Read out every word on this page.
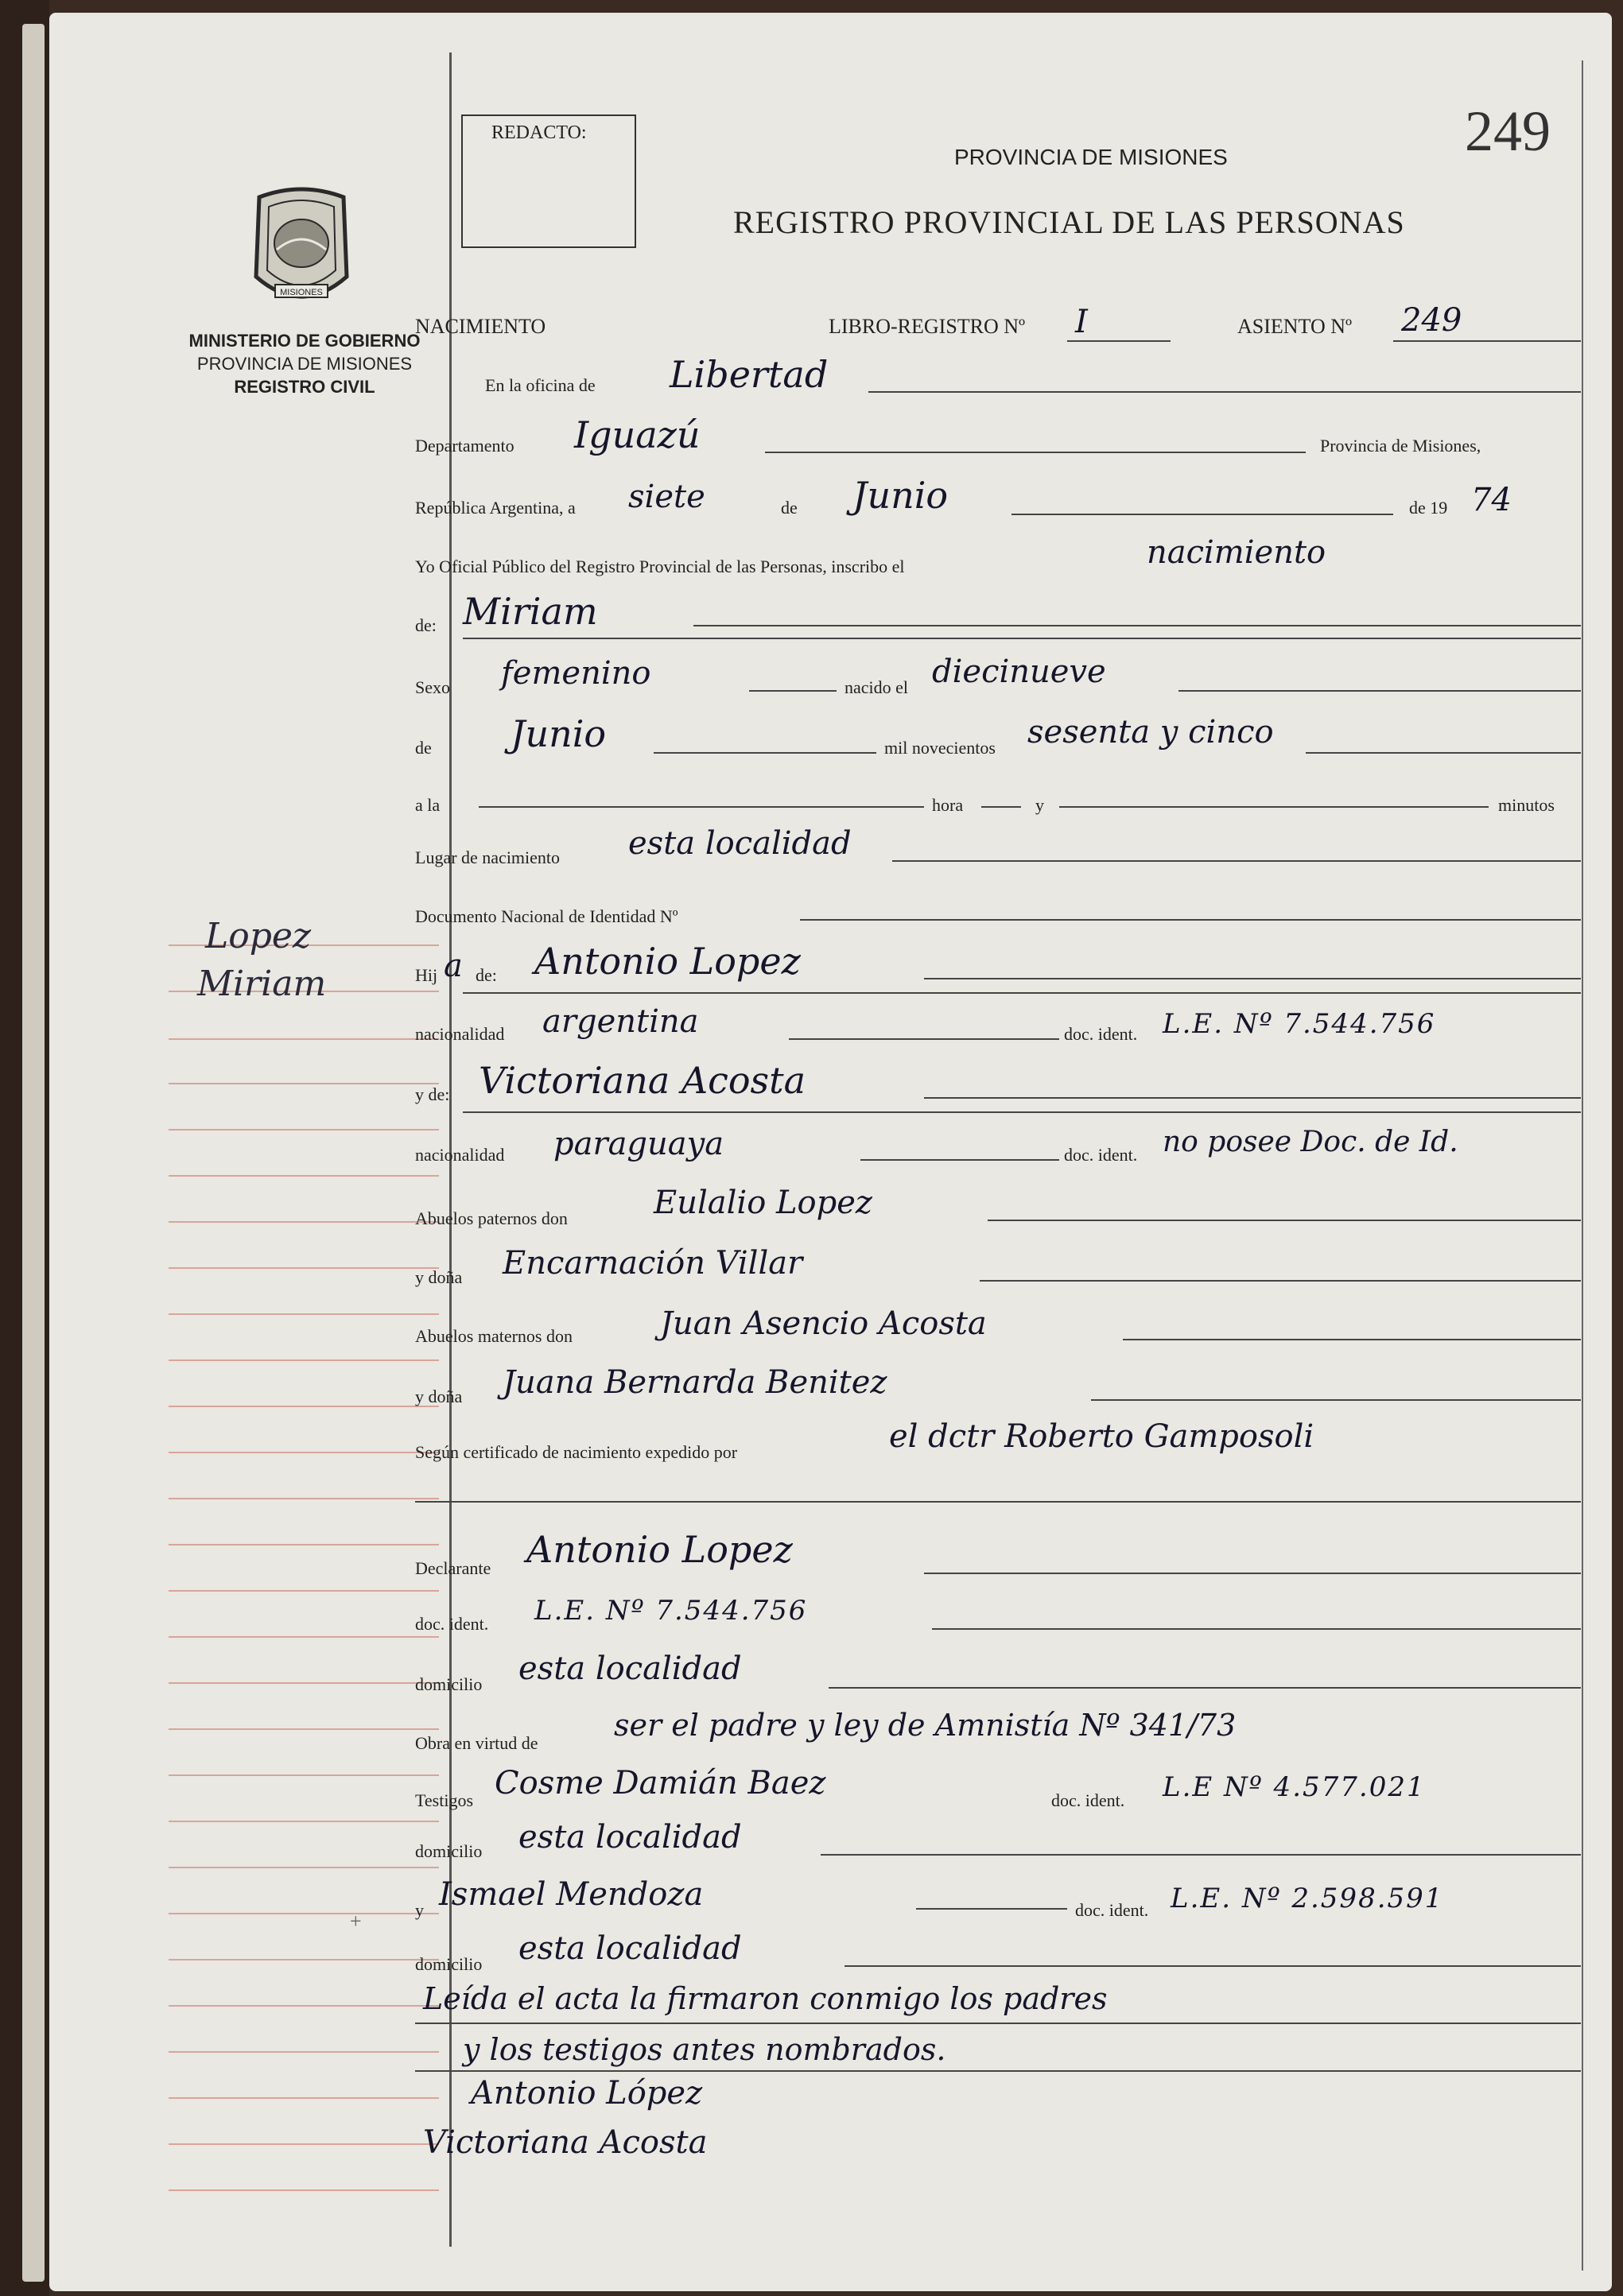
REDACTO:	249
PROVINCIA DE MISIONES
REGISTRO PROVINCIAL DE LAS PERSONAS
MISIONES
MINISTERIO DE GOBIERNO
PROVINCIA DE MISIONES
REGISTRO CIVIL
Lopez
Miriam
+
NACIMIENTO	LIBRO-REGISTRO Nº I	ASIENTO Nº 249
En la oficina de Libertad
Departamento Iguazú	Provincia de Misiones,
República Argentina, a siete	de Junio	de 19 74
Yo Oficial Público del Registro Provincial de las Personas, inscribo el	nacimiento
de: Miriam
Sexo femenino	nacido el diecinueve
de Junio	mil novecientos sesenta y cinco
a la	hora	y	minutos
Lugar de nacimiento esta localidad
Documento Nacional de Identidad Nº
Hij a de: Antonio Lopez
nacionalidad argentina	doc. ident. L.E. Nº 7.544.756
y de: Victoriana Acosta
nacionalidad paraguaya	doc. ident. no posee Doc. de Id.
Abuelos paternos don	Eulalio Lopez
y doña Encarnación Villar
Abuelos maternos don	Juan Asencio Acosta
y doña Juana Bernarda Benitez
Según certificado de nacimiento expedido por	el dctr Roberto Gamposoli
Declarante Antonio Lopez
doc. ident. L.E. Nº 7.544.756
domicilio esta localidad
Obra en virtud de
ser el padre y ley de Amnistía Nº 341/73
Testigos Cosme Damián Baez	doc. ident. L.E Nº 4.577.021
domicilio esta localidad
y Ismael Mendoza	doc. ident. L.E. Nº 2.598.591
domicilio esta localidad
Leída el acta la firmaron conmigo los padres
y los testigos antes nombrados.
Antonio López
Victoriana Acosta
